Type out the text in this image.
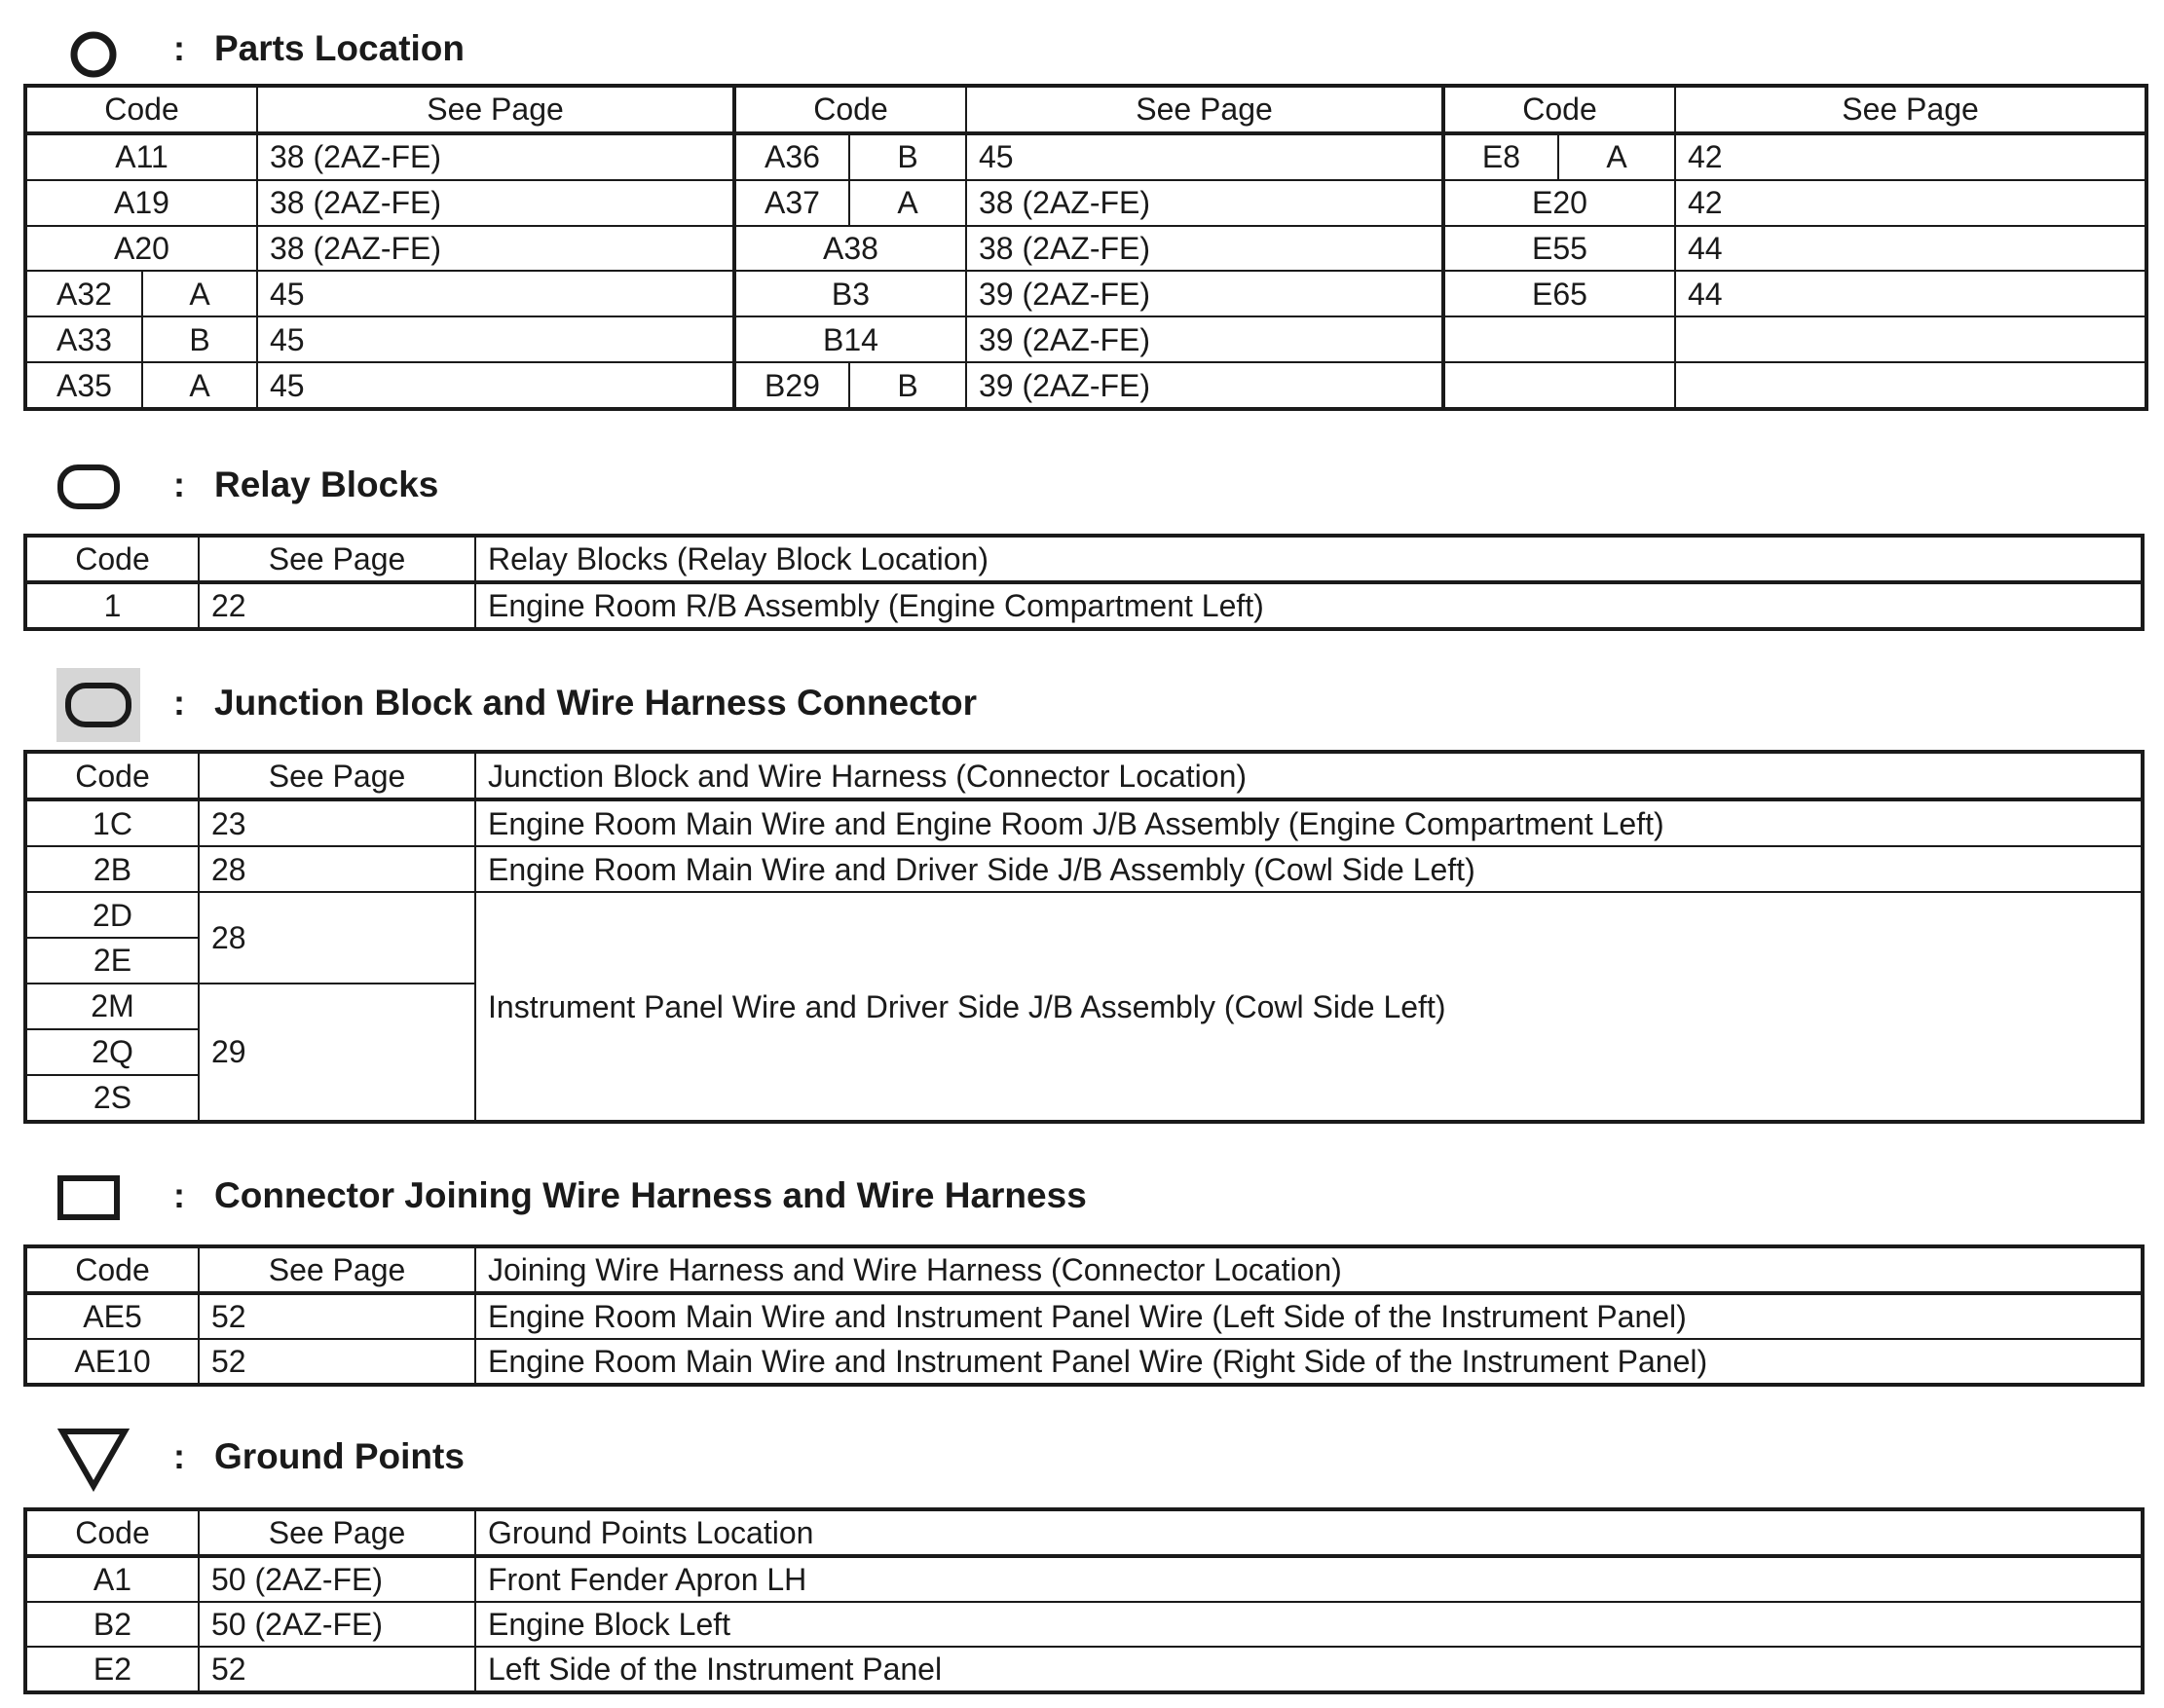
: Parts Location
Code		See Page	Code		See Page	Code		See Page
A11		38 (2AZ-FE)	A36	B	45	E8	A	42
A19		38 (2AZ-FE)	A37	A	38 (2AZ-FE)	E20		42
A20		38 (2AZ-FE)	A38		38 (2AZ-FE)	E55		44
A32	A	45	B3		39 (2AZ-FE)	E65		44
A33	B	45	B14		39 (2AZ-FE)			
A35	A	45	B29	B	39 (2AZ-FE)			
: Relay Blocks
Code	See Page	Relay Blocks (Relay Block Location)
1	22	Engine Room R/B Assembly (Engine Compartment Left)
: Junction Block and Wire Harness Connector
Code	See Page	Junction Block and Wire Harness (Connector Location)
1C	23	Engine Room Main Wire and Engine Room J/B Assembly (Engine Compartment Left)
2B	28	Engine Room Main Wire and Driver Side J/B Assembly (Cowl Side Left)
2D	28	Instrument Panel Wire and Driver Side J/B Assembly (Cowl Side Left)
2E		
2M	29	
2Q		
2S		
: Connector Joining Wire Harness and Wire Harness
Code	See Page	Joining Wire Harness and Wire Harness (Connector Location)
AE5	52	Engine Room Main Wire and Instrument Panel Wire (Left Side of the Instrument Panel)
AE10	52	Engine Room Main Wire and Instrument Panel Wire (Right Side of the Instrument Panel)
: Ground Points
Code	See Page	Ground Points Location
A1	50 (2AZ-FE)	Front Fender Apron LH
B2	50 (2AZ-FE)	Engine Block Left
E2	52	Left Side of the Instrument Panel
